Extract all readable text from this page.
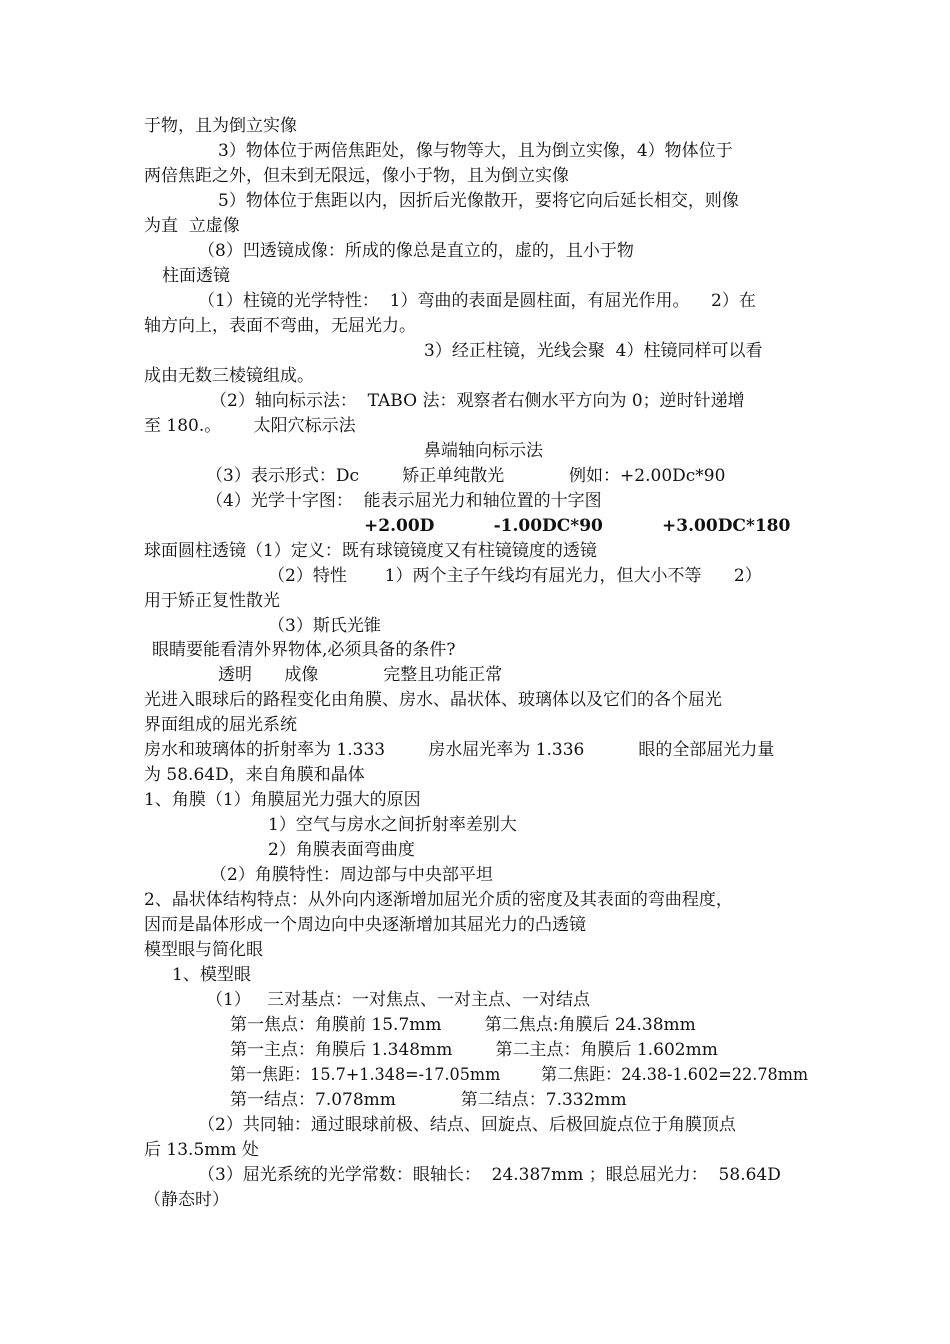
于物，且为倒立实像
3）物体位于两倍焦距处，像与物等大，且为倒立实像，4）物体位于
两倍焦距之外，但未到无限远，像小于物，且为倒立实像
5）物体位于焦距以内，因折后光像散开，要将它向后延长相交，则像
为直  立虚像
（8）凹透镜成像：所成的像总是直立的，虚的，且小于物
柱面透镜
（1）柱镜的光学特性：  1）弯曲的表面是圆柱面，有屈光作用。    2）在
轴方向上，表面不弯曲，无屈光力。
3）经正柱镜，光线会聚  4）柱镜同样可以看
成由无数三棱镜组成。
（2）轴向标示法：  TABO 法：观察者右侧水平方向为 0；逆时针递增
至 180.。      太阳穴标示法
鼻端轴向标示法
（3）表示形式：Dc        矫正单纯散光            例如：+2.00Dc*90
（4）光学十字图：  能表示屈光力和轴位置的十字图
+2.00D          -1.00DC*90          +3.00DC*180
球面圆柱透镜（1）定义：既有球镜镜度又有柱镜镜度的透镜
（2）特性       1）两个主子午线均有屈光力，但大小不等      2）
用于矫正复性散光
（3）斯氏光锥
眼睛要能看清外界物体,必须具备的条件?
透明      成像            完整且功能正常
光进入眼球后的路程变化由角膜、房水、晶状体、玻璃体以及它们的各个屈光
界面组成的屈光系统
房水和玻璃体的折射率为 1.333        房水屈光率为 1.336          眼的全部屈光力量
为 58.64D，来自角膜和晶体
1、角膜（1）角膜屈光力强大的原因
1）空气与房水之间折射率差别大
2）角膜表面弯曲度
（2）角膜特性：周边部与中央部平坦
2、晶状体结构特点：从外向内逐渐增加屈光介质的密度及其表面的弯曲程度，
因而是晶体形成一个周边向中央逐渐增加其屈光力的凸透镜
模型眼与简化眼
1、模型眼
（1）   三对基点：一对焦点、一对主点、一对结点
第一焦点：角膜前 15.7mm        第二焦点:角膜后 24.38mm
第一主点：角膜后 1.348mm        第二主点：角膜后 1.602mm
第一焦距：15.7+1.348=-17.05mm        第二焦距：24.38-1.602=22.78mm
第一结点：7.078mm            第二结点：7.332mm
（2）共同轴：通过眼球前极、结点、回旋点、后极回旋点位于角膜顶点
后 13.5mm 处
（3）屈光系统的光学常数：眼轴长：  24.387mm ；眼总屈光力：  58.64D
（静态时）
